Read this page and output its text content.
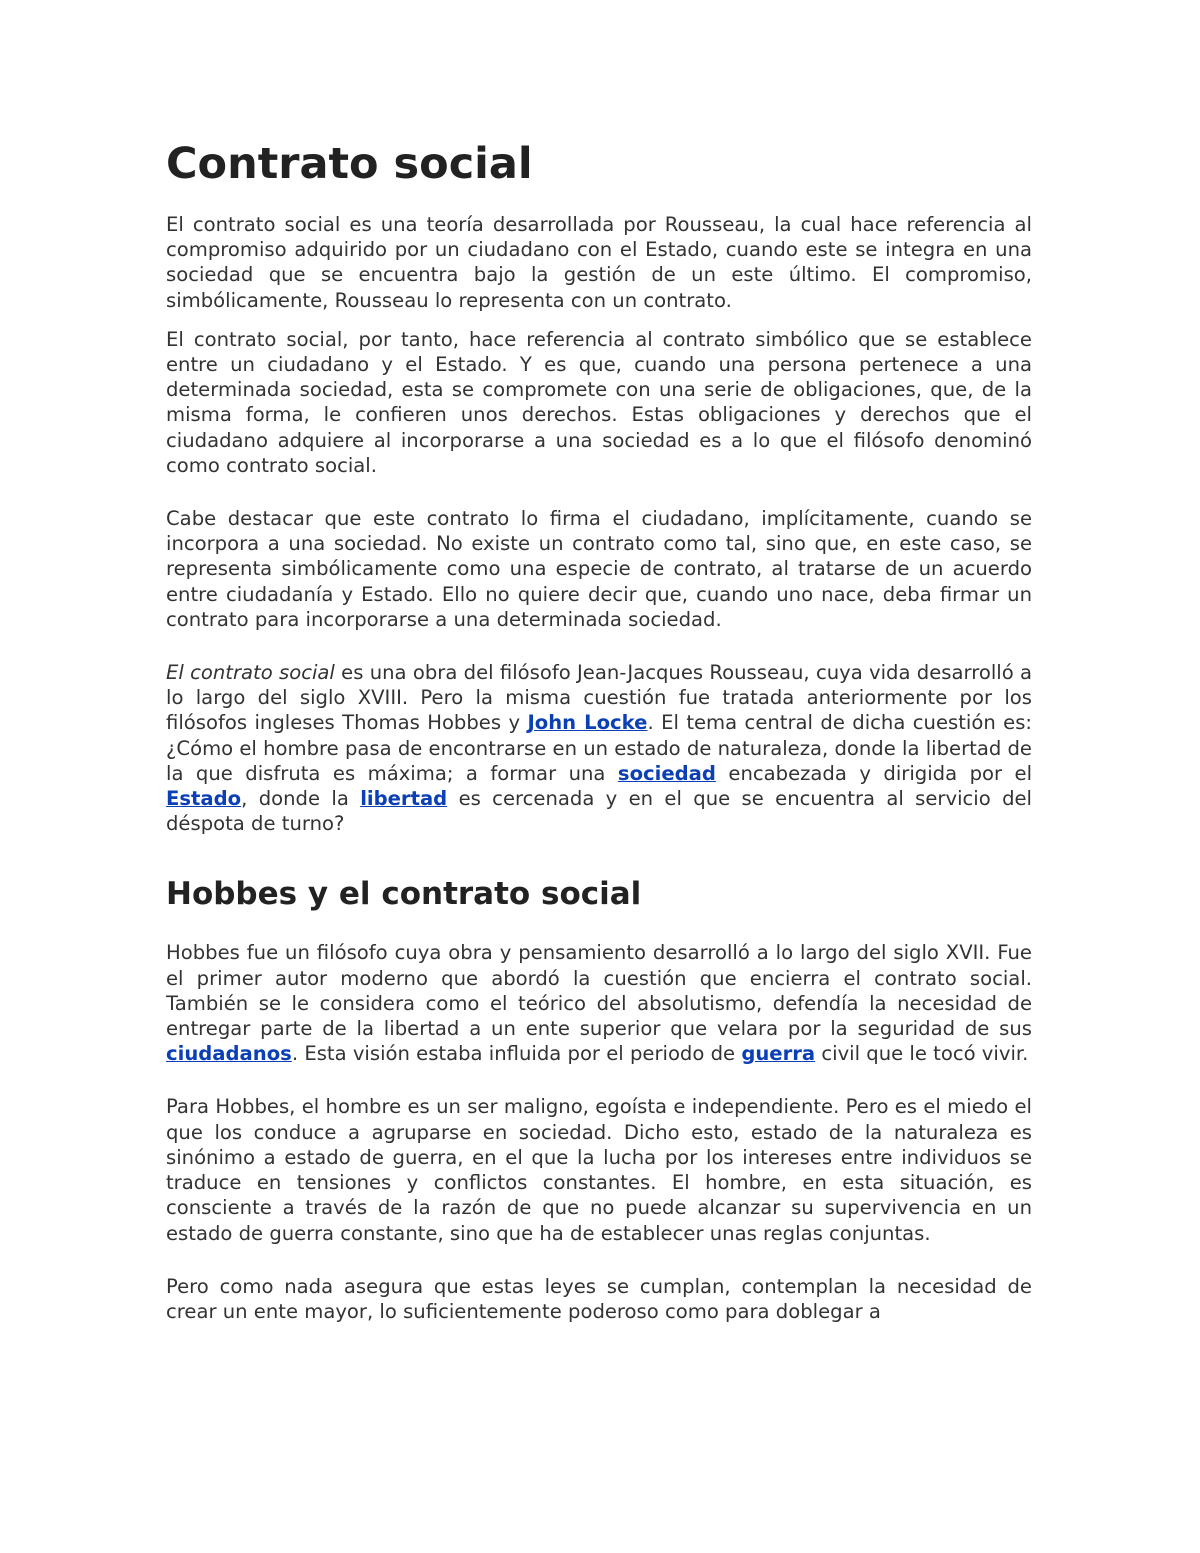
Contrato social

El contrato social es una teoría desarrollada por Rousseau, la cual hace referencia al compromiso adquirido por un ciudadano con el Estado, cuando este se integra en una sociedad que se encuentra bajo la gestión de un este último. El compromiso, simbólicamente, Rousseau lo representa con un contrato.

El contrato social, por tanto, hace referencia al contrato simbólico que se establece entre un ciudadano y el Estado. Y es que, cuando una persona pertenece a una determinada sociedad, esta se compromete con una serie de obligaciones, que, de la misma forma, le confieren unos derechos. Estas obligaciones y derechos que el ciudadano adquiere al incorporarse a una sociedad es a lo que el filósofo denominó como contrato social.

Cabe destacar que este contrato lo firma el ciudadano, implícitamente, cuando se incorpora a una sociedad. No existe un contrato como tal, sino que, en este caso, se representa simbólicamente como una especie de contrato, al tratarse de un acuerdo entre ciudadanía y Estado. Ello no quiere decir que, cuando uno nace, deba firmar un contrato para incorporarse a una determinada sociedad.

El contrato social es una obra del filósofo Jean-Jacques Rousseau, cuya vida desarrolló a lo largo del siglo XVIII. Pero la misma cuestión fue tratada anteriormente por los filósofos ingleses Thomas Hobbes y John Locke. El tema central de dicha cuestión es: ¿Cómo el hombre pasa de encontrarse en un estado de naturaleza, donde la libertad de la que disfruta es máxima; a formar una sociedad encabezada y dirigida por el Estado, donde la libertad es cercenada y en el que se encuentra al servicio del déspota de turno?

Hobbes y el contrato social

Hobbes fue un filósofo cuya obra y pensamiento desarrolló a lo largo del siglo XVII. Fue el primer autor moderno que abordó la cuestión que encierra el contrato social. También se le considera como el teórico del absolutismo, defendía la necesidad de entregar parte de la libertad a un ente superior que velara por la seguridad de sus ciudadanos. Esta visión estaba influida por el periodo de guerra civil que le tocó vivir.

Para Hobbes, el hombre es un ser maligno, egoísta e independiente. Pero es el miedo el que los conduce a agruparse en sociedad. Dicho esto, estado de la naturaleza es sinónimo a estado de guerra, en el que la lucha por los intereses entre individuos se traduce en tensiones y conflictos constantes. El hombre, en esta situación, es consciente a través de la razón de que no puede alcanzar su supervivencia en un estado de guerra constante, sino que ha de establecer unas reglas conjuntas.

Pero como nada asegura que estas leyes se cumplan, contemplan la necesidad de crear un ente mayor, lo suficientemente poderoso como para doblegar a
